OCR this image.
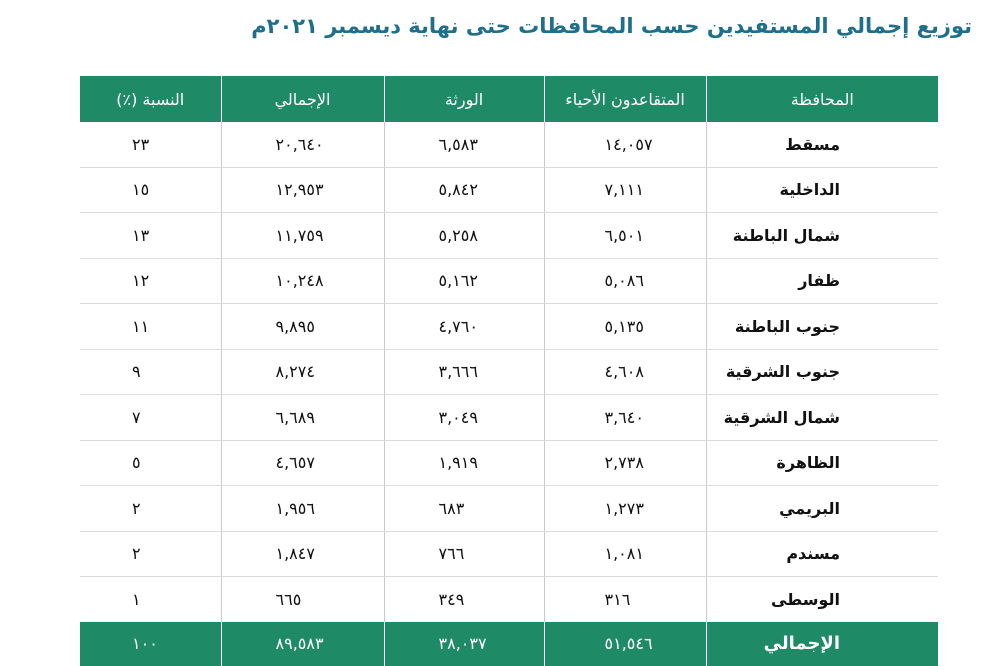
توزيع إجمالي المستفيدين حسب المحافظات حتى نهاية ديسمبر ٢٠٢١م
المحافظة	المتقاعدون الأحياء	الورثة	الإجمالي	النسبة (٪)
مسقط	١٤,٠٥٧	٦,٥٨٣	٢٠,٦٤٠	٢٣
الداخلية	٧,١١١	٥,٨٤٢	١٢,٩٥٣	١٥
شمال الباطنة	٦,٥٠١	٥,٢٥٨	١١,٧٥٩	١٣
ظفار	٥,٠٨٦	٥,١٦٢	١٠,٢٤٨	١٢
جنوب الباطنة	٥,١٣٥	٤,٧٦٠	٩,٨٩٥	١١
جنوب الشرقية	٤,٦٠٨	٣,٦٦٦	٨,٢٧٤	٩
شمال الشرقية	٣,٦٤٠	٣,٠٤٩	٦,٦٨٩	٧
الظاهرة	٢,٧٣٨	١,٩١٩	٤,٦٥٧	٥
البريمي	١,٢٧٣	٦٨٣	١,٩٥٦	٢
مسندم	١,٠٨١	٧٦٦	١,٨٤٧	٢
الوسطى	٣١٦	٣٤٩	٦٦٥	١
الإجمالي	٥١,٥٤٦	٣٨,٠٣٧	٨٩,٥٨٣	١٠٠
